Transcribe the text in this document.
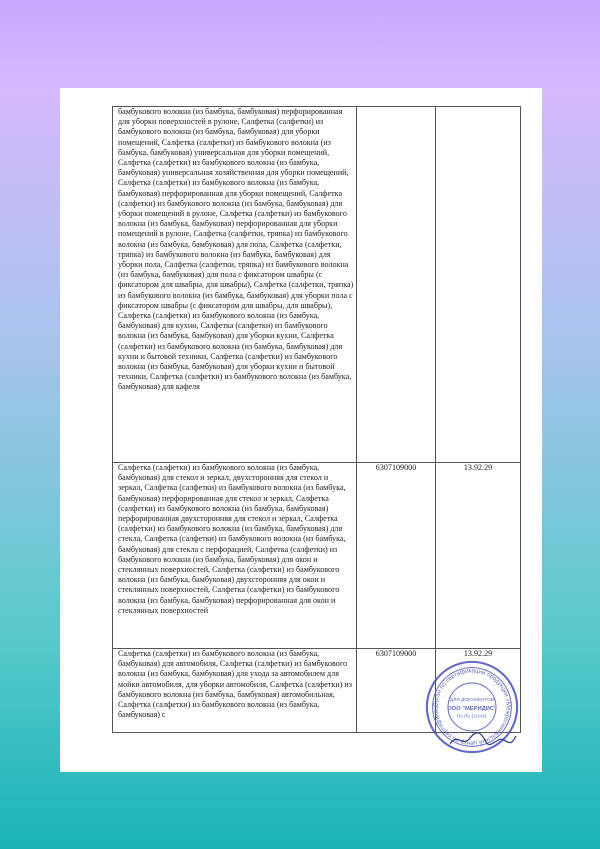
бамбукового волокна (из бамбука, бамбуковая) перфорированная для уборки поверхностей в рулоне, Салфетка (салфетки) из бамбукового волокна (из бамбука, бамбуковая) для уборки помещений, Салфетка (салфетки) из бамбукового волокна (из бамбука, бамбуковая) универсальная для уборки помещений, Салфетка (салфетки) из бамбукового волокна (из бамбука, бамбуковая) универсальная хозяйственная для уборки помещений, Салфетка (салфетки) из бамбукового волокна (из бамбука, бамбуковая) перфорированная для уборки помещений, Салфетка (салфетки) из бамбукового волокна (из бамбука, бамбуковая) для уборки помещений в рулоне, Салфетка (салфетки) из бамбукового волокна (из бамбука, бамбуковая) перфорированная для уборки помещений в рулоне, Салфетка (салфетки, тряпка) из бамбукового волокна (из бамбука, бамбуковая) для пола, Салфетка (салфетки, тряпка) из бамбукового волокна (из бамбука, бамбуковая) для уборки пола, Салфетка (салфетки, тряпка) из бамбукового волокна (из бамбука, бамбуковая) для пола с фиксатором швабры (с фиксатором для швабры, для швабры), Салфетка (салфетки, тряпка) из бамбукового волокна (из бамбука, бамбуковая) для уборки пола с фиксатором швабры (с фиксатором для швабры, для швабры), Салфетка (салфетки) из бамбукового волокна (из бамбука, бамбуковая) для кухни, Салфетка (салфетки) из бамбукового волокна (из бамбука, бамбуковая) для уборки кухни, Салфетка (салфетки) из бамбукового волокна (из бамбука, бамбуковая) для кухни и бытовой техники, Салфетка (салфетки) из бамбукового волокна (из бамбука, бамбуковая) для уборки кухни и бытовой техники, Салфетка (салфетки) из бамбукового волокна (из бамбука, бамбуковая) для кафеля		

Салфетка (салфетки) из бамбукового волокна (из бамбука, бамбуковая) для стекол и зеркал, двухсторонняя для стекол и зеркал, Салфетка (салфетки) из бамбукового волокна (из бамбука, бамбуковая) перфорированная для стекол и зеркал, Салфетка (салфетки) из бамбукового волокна (из бамбука, бамбуковая) перфорированная двухсторонняя для стекол и зеркал, Салфетка (салфетки) из бамбукового волокна (из бамбука, бамбуковая) для стекла, Салфетка (салфетки) из бамбукового волокна (из бамбука, бамбуковая) для стекла с перфорацией, Салфетка (салфетки) из бамбукового волокна (из бамбука, бамбуковая) для окон и стеклянных поверхностей, Салфетка (салфетки) из бамбукового волокна (из бамбука, бамбуковая) двухсторонняя для окон и стеклянных поверхностей, Салфетка (салфетки) из бамбукового волокна (из бамбука, бамбуковая) перфорированная для окон и стеклянных поверхностей	6307109000	13.92.29

Салфетка (салфетки) из бамбукового волокна (из бамбука, бамбуковая) для автомобиля, Салфетка (салфетки) из бамбукового волокна (из бамбука, бамбуковая) для ухода за автомобилем для мойки автомобиля, для уборки автомобиля, Салфетка (салфетки) из бамбукового волокна (из бамбука, бамбуковая) автомобильная, Салфетка (салфетки) из бамбукового волокна (из бамбука, бамбуковая) с	6307109000	13.92.29
Орган по сертификации продукции «Межрегиональный центр по сертификац
ДЛЯ ДОКУМЕНТОВ
ООО "МЕРИДИС"
RA.RU.11НА91
